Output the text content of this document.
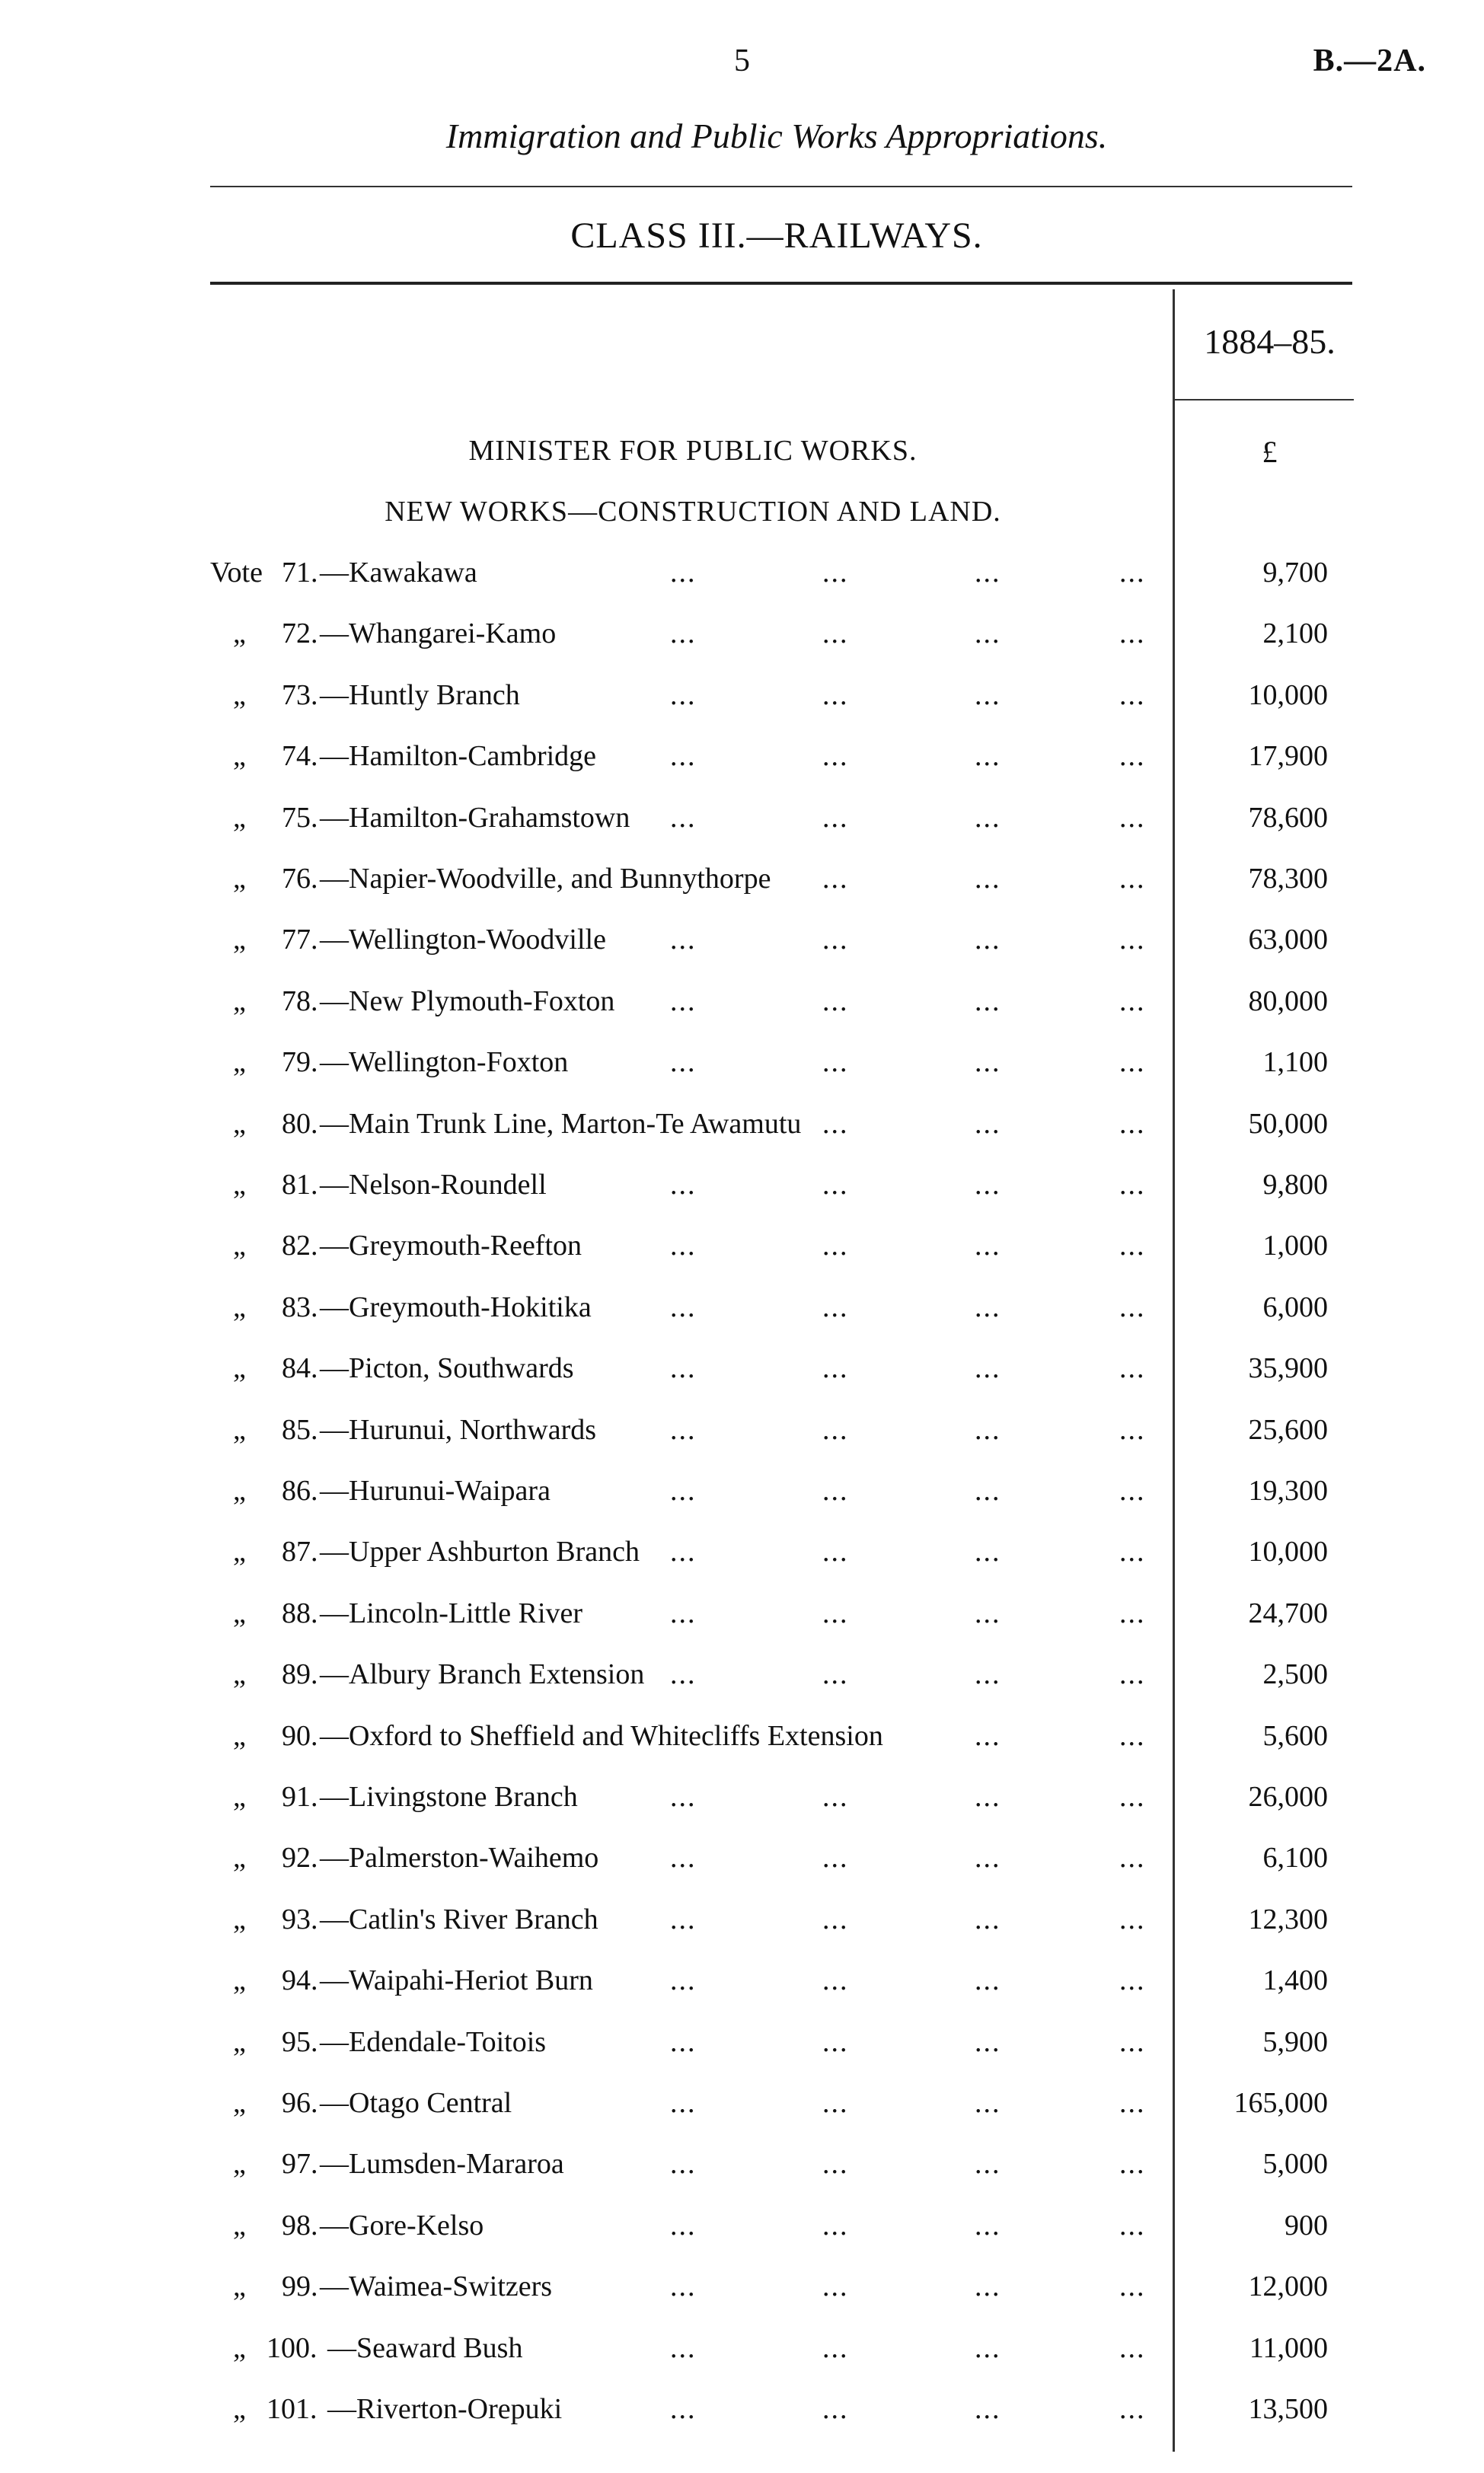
5	B.—2A.
Immigration and Public Works Appropriations.
CLASS III.—RAILWAYS.
1884–85.
£
MINISTER FOR PUBLIC WORKS.
NEW WORKS—CONSTRUCTION AND LAND.
Vote 71. —Kawakawa	...	...	...	...	9,700
„ 72. —Whangarei-Kamo	...	...	...	...	2,100
„ 73. —Huntly Branch	...	...	...	...	10,000
„ 74. —Hamilton-Cambridge	...	...	...	...	17,900
„ 75. —Hamilton-Grahamstown ...	...	...	...	78,600
„ 76. —Napier-Woodville, and Bunnythorpe ...	...	...	78,300
„ 77. —Wellington-Woodville ...	...	...	...	63,000
„ 78. —New Plymouth-Foxton ...	...	...	...	80,000
„ 79. —Wellington-Foxton	...	...	...	...	1,100
„ 80. —Main Trunk Line, Marton-Te Awamutu ...	...	...	50,000
„ 81. —Nelson-Roundell	...	...	...	...	9,800
„ 82. —Greymouth-Reefton	...	...	...	...	1,000
„ 83. —Greymouth-Hokitika	...	...	...	...	6,000
„ 84. —Picton, Southwards	...	...	...	...	35,900
„ 85. —Hurunui, Northwards	...	...	...	...	25,600
„ 86. —Hurunui-Waipara	...	...	...	...	19,300
„ 87. —Upper Ashburton Branch ...	...	...	...	10,000
„ 88. —Lincoln-Little River	...	...	...	...	24,700
„ 89. —Albury Branch Extension ...	...	...	...	2,500
„ 90. —Oxford to Sheffield and Whitecliffs Extension	...	...	5,600
„ 91. —Livingstone Branch	...	...	...	...	26,000
„ 92. —Palmerston-Waihemo ...	...	...	...	6,100
„ 93. —Catlin's River Branch ...	...	...	...	12,300
„ 94. —Waipahi-Heriot Burn	...	...	...	...	1,400
„ 95. —Edendale-Toitois	...	...	...	...	5,900
„ 96. —Otago Central	...	...	...	...	165,000
„ 97. —Lumsden-Mararoa	...	...	...	...	5,000
„ 98. —Gore-Kelso	...	...	...	...	900
„ 99. —Waimea-Switzers	...	...	...	...	12,000
„ 100. —Seaward Bush	...	...	...	...	11,000
„ 101. —Riverton-Orepuki	...	...	...	...	13,500
